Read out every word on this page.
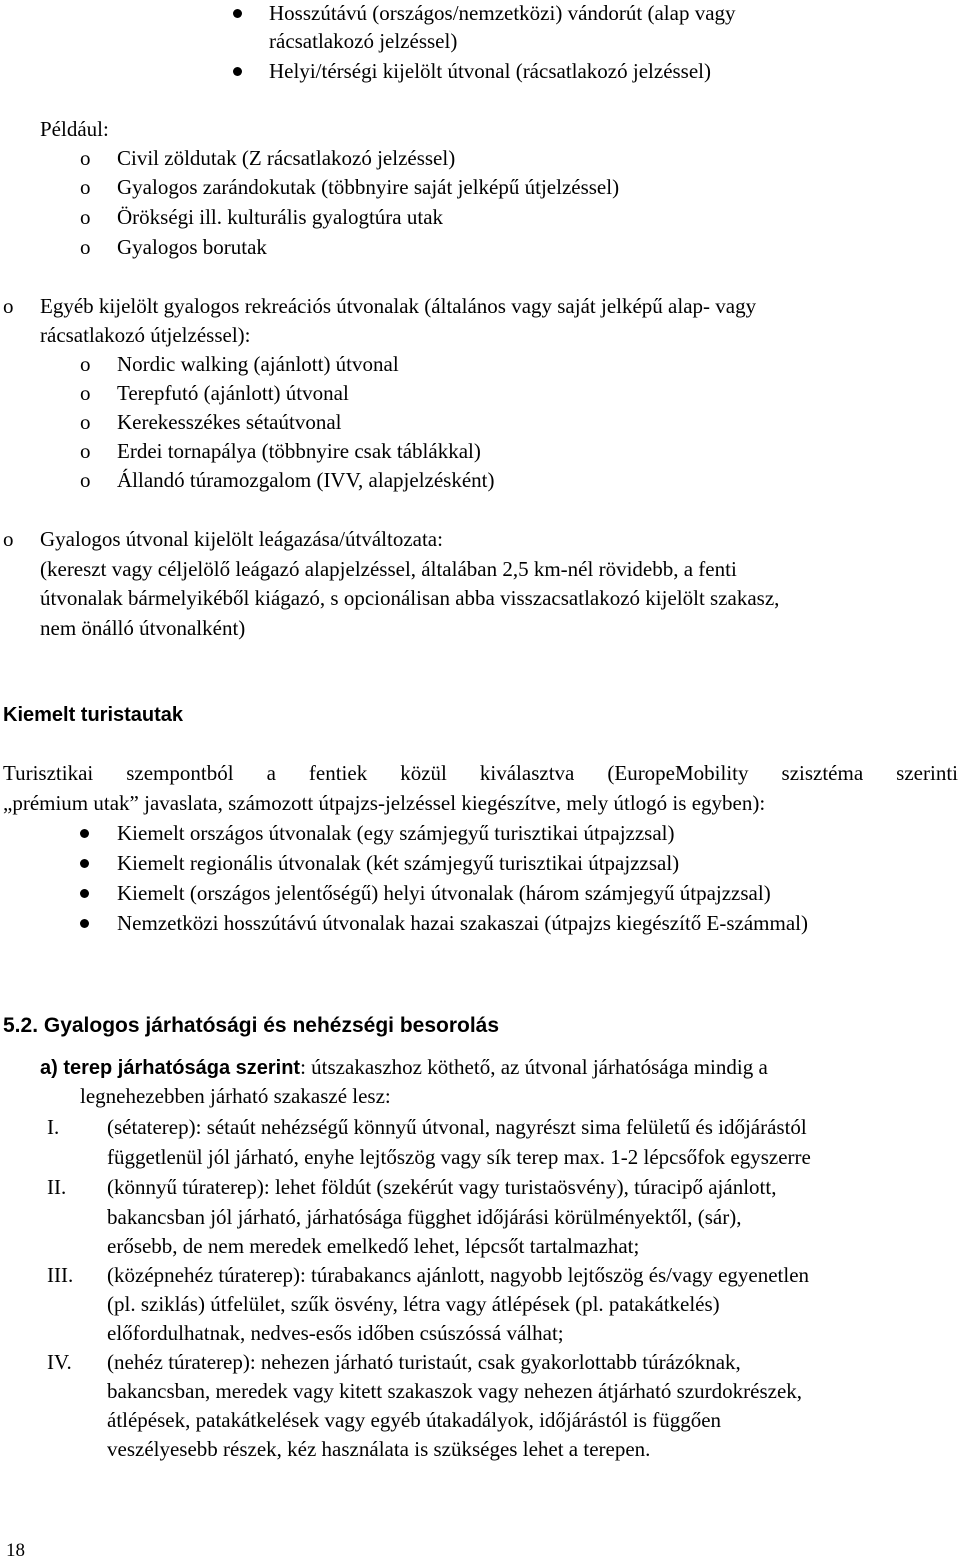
Hosszútávú (országos/nemzetközi) vándorút (alap vagy
rácsatlakozó jelzéssel)
Helyi/térségi kijelölt útvonal (rácsatlakozó jelzéssel)
Például:
o Civil zöldutak (Z rácsatlakozó jelzéssel)
o Gyalogos zarándokutak (többnyire saját jelképű útjelzéssel)
o Örökségi ill. kulturális gyalogtúra utak
o Gyalogos borutak
o Egyéb kijelölt gyalogos rekreációs útvonalak (általános vagy saját jelképű alap- vagy
rácsatlakozó útjelzéssel):
o Nordic walking (ajánlott) útvonal
o Terepfutó (ajánlott) útvonal
o Kerekesszékes sétaútvonal
o Erdei tornapálya (többnyire csak táblákkal)
o Állandó túramozgalom (IVV, alapjelzésként)
o Gyalogos útvonal kijelölt leágazása/útváltozata:
(kereszt vagy céljelölő leágazó alapjelzéssel, általában 2,5 km-nél rövidebb, a fenti
útvonalak bármelyikéből kiágazó, s opcionálisan abba visszacsatlakozó kijelölt szakasz,
nem önálló útvonalként)
Kiemelt turistautak
Turisztikai szempontból a fentiek közül kiválasztva (EuropeMobility szisztéma szerinti
„prémium utak” javaslata, számozott útpajzs-jelzéssel kiegészítve, mely útlogó is egyben):
Kiemelt országos útvonalak (egy számjegyű turisztikai útpajzzsal)
Kiemelt regionális útvonalak (két számjegyű turisztikai útpajzzsal)
Kiemelt (országos jelentőségű) helyi útvonalak (három számjegyű útpajzzsal)
Nemzetközi hosszútávú útvonalak hazai szakaszai (útpajzs kiegészítő E-számmal)
5.2. Gyalogos járhatósági és nehézségi besorolás
a) terep járhatósága szerint: útszakaszhoz köthető, az útvonal járhatósága mindig a
legnehezebben járható szakaszé lesz:
I. (sétaterep): sétaút nehézségű könnyű útvonal, nagyrészt sima felületű és időjárástól
függetlenül jól járható, enyhe lejtőszög vagy sík terep max. 1-2 lépcsőfok egyszerre
II. (könnyű túraterep): lehet földút (szekérút vagy turistaösvény), túracipő ajánlott,
bakancsban jól járható, járhatósága függhet időjárási körülményektől, (sár),
erősebb, de nem meredek emelkedő lehet, lépcsőt tartalmazhat;
III. (középnehéz túraterep): túrabakancs ajánlott, nagyobb lejtőszög és/vagy egyenetlen
(pl. sziklás) útfelület, szűk ösvény, létra vagy átlépések (pl. patakátkelés)
előfordulhatnak, nedves-esős időben csúszóssá válhat;
IV. (nehéz túraterep): nehezen járható turistaút, csak gyakorlottabb túrázóknak,
bakancsban, meredek vagy kitett szakaszok vagy nehezen átjárható szurdokrészek,
átlépések, patakátkelések vagy egyéb útakadályok, időjárástól is függően
veszélyesebb részek, kéz használata is szükséges lehet a terepen.
18
